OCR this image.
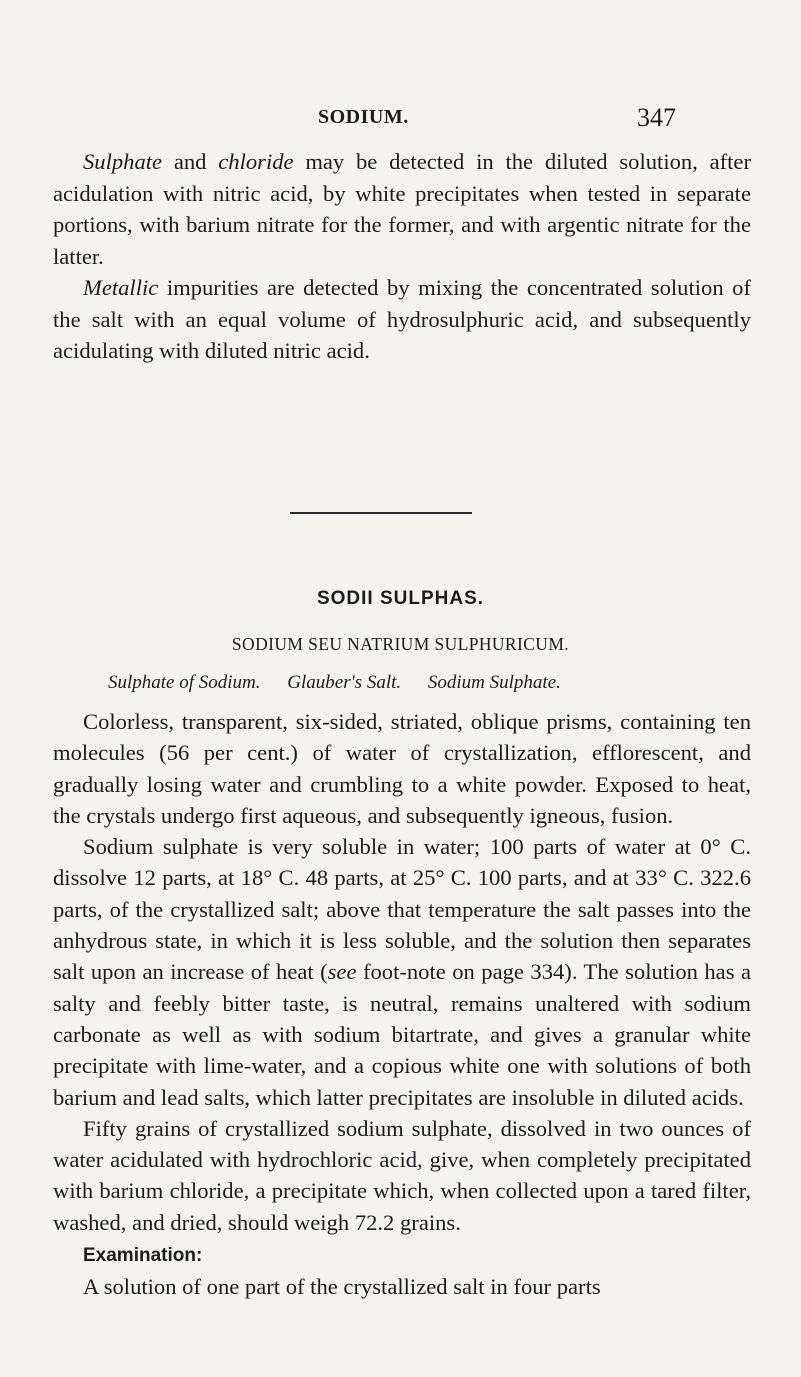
SODIUM.	347

Sulphate and chloride may be detected in the diluted solution, after acidulation with nitric acid, by white precipitates when tested in separate portions, with barium nitrate for the former, and with argentic nitrate for the latter.

Metallic impurities are detected by mixing the concentrated solution of the salt with an equal volume of hydrosulphuric acid, and subsequently acidulating with diluted nitric acid.

SODII SULPHAS.
SODIUM SEU NATRIUM SULPHURICUM.
Sulphate of Sodium. Glauber's Salt. Sodium Sulphate.

Colorless, transparent, six-sided, striated, oblique prisms, containing ten molecules (56 per cent.) of water of crystallization, efflorescent, and gradually losing water and crumbling to a white powder. Exposed to heat, the crystals undergo first aqueous, and subsequently igneous, fusion.

Sodium sulphate is very soluble in water; 100 parts of water at 0° C. dissolve 12 parts, at 18° C. 48 parts, at 25° C. 100 parts, and at 33° C. 322.6 parts, of the crystallized salt; above that temperature the salt passes into the anhydrous state, in which it is less soluble, and the solution then separates salt upon an increase of heat (see foot-note on page 334). The solution has a salty and feebly bitter taste, is neutral, remains unaltered with sodium carbonate as well as with sodium bitartrate, and gives a granular white precipitate with lime-water, and a copious white one with solutions of both barium and lead salts, which latter precipitates are insoluble in diluted acids.

Fifty grains of crystallized sodium sulphate, dissolved in two ounces of water acidulated with hydrochloric acid, give, when completely precipitated with barium chloride, a precipitate which, when collected upon a tared filter, washed, and dried, should weigh 72.2 grains.

Examination:

A solution of one part of the crystallized salt in four parts
